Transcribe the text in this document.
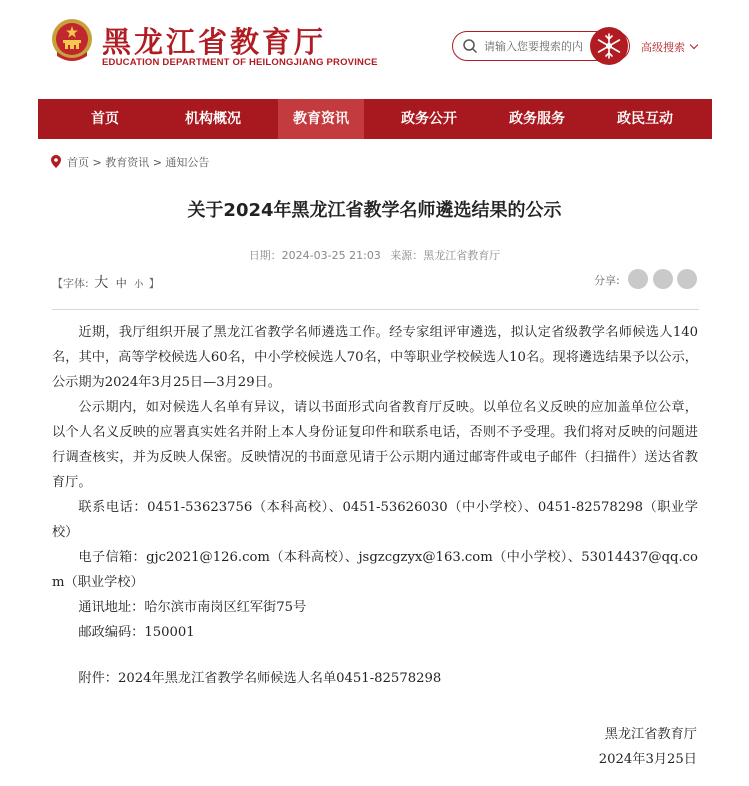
黑龙江省教育厅
EDUCATION DEPARTMENT OF HEILONGJIANG PROVINCE
请输入您要搜索的内
高级搜索
首页	机构概况	教育资讯	政务公开	政务服务	政民互动
首页 > 教育资讯 > 通知公告
关于2024年黑龙江省教学名师遴选结果的公示
日期：2024-03-25 21:03 来源：黑龙江省教育厅
【字体: 大 中 小 】	分享:

近期，我厅组织开展了黑龙江省教学名师遴选工作。经专家组评审遴选，拟认定省级教学名师候选人140名，其中，高等学校候选人60名，中小学校候选人70名，中等职业学校候选人10名。现将遴选结果予以公示，公示期为2024年3月25日—3月29日。

公示期内，如对候选人名单有异议，请以书面形式向省教育厅反映。以单位名义反映的应加盖单位公章，以个人名义反映的应署真实姓名并附上本人身份证复印件和联系电话，否则不予受理。我们将对反映的问题进行调查核实，并为反映人保密。反映情况的书面意见请于公示期内通过邮寄件或电子邮件（扫描件）送达省教育厅。

联系电话：0451-53623756（本科高校）、0451-53626030（中小学校）、0451-82578298（职业学校）

电子信箱：gjc2021@126.com（本科高校）、jsgzcgzyx@163.com（中小学校）、53014437@qq.com（职业学校）

通讯地址：哈尔滨市南岗区红军街75号

邮政编码：150001

附件：2024年黑龙江省教学名师候选人名单0451-82578298

黑龙江省教育厅
2024年3月25日
